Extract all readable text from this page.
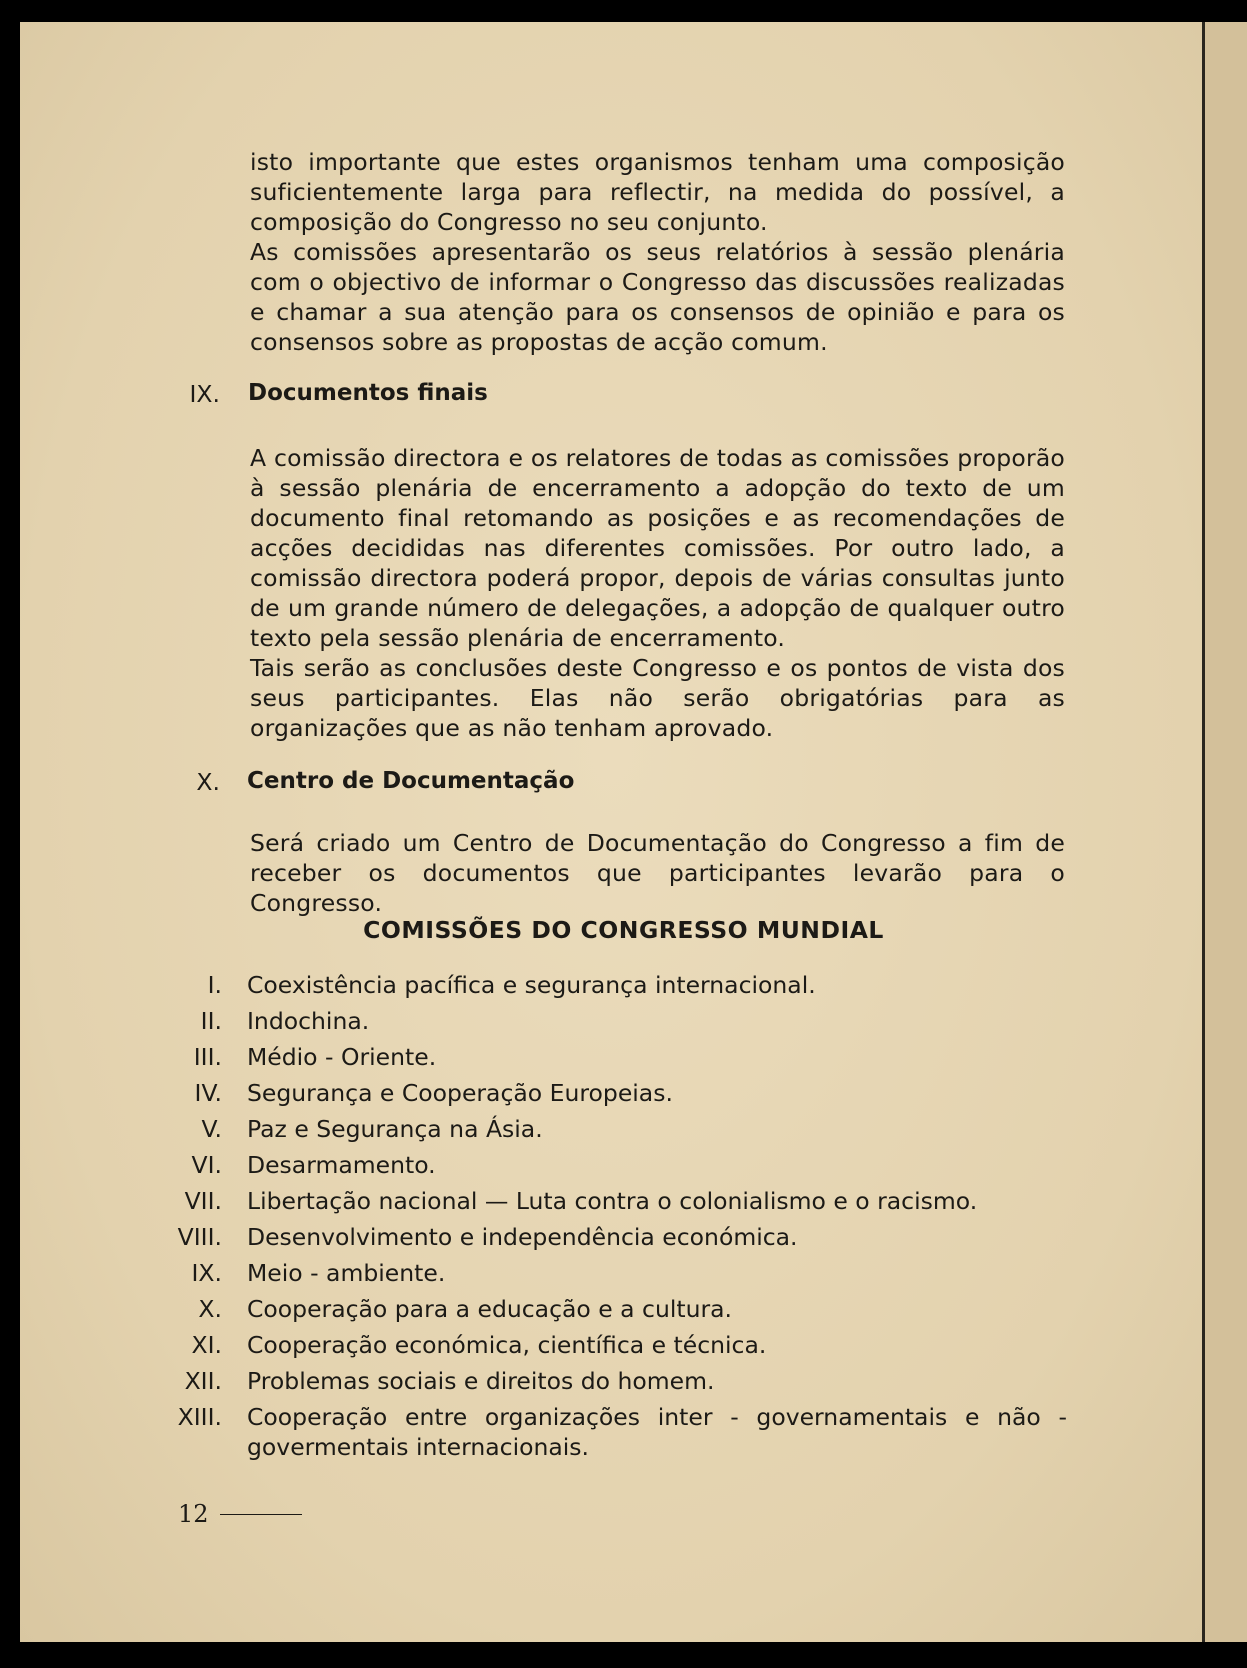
isto importante que estes organismos tenham uma composição suficientemente larga para reflectir, na medida do possível, a composição do Congresso no seu conjunto.

As comissões apresentarão os seus relatórios à sessão plenária com o objectivo de informar o Congresso das discussões realizadas e chamar a sua atenção para os consensos de opinião e para os consensos sobre as propostas de acção comum.

IX. Documentos finais

A comissão directora e os relatores de todas as comissões proporão à sessão plenária de encerramento a adopção do texto de um documento final retomando as posições e as recomendações de acções decididas nas diferentes comissões. Por outro lado, a comissão directora poderá propor, depois de várias consultas junto de um grande número de delegações, a adopção de qualquer outro texto pela sessão plenária de encerramento.

Tais serão as conclusões deste Congresso e os pontos de vista dos seus participantes. Elas não serão obrigatórias para as organizações que as não tenham aprovado.

X. Centro de Documentação

Será criado um Centro de Documentação do Congresso a fim de receber os documentos que participantes levarão para o Congresso.

COMISSÕES DO CONGRESSO MUNDIAL
I. Coexistência pacífica e segurança internacional.
II. Indochina.
III. Médio - Oriente.
IV. Segurança e Cooperação Europeias.
V. Paz e Segurança na Ásia.
VI. Desarmamento.
VII. Libertação nacional — Luta contra o colonialismo e o racismo.
VIII. Desenvolvimento e independência económica.
IX. Meio - ambiente.
X. Cooperação para a educação e a cultura.
XI. Cooperação económica, científica e técnica.
XII. Problemas sociais e direitos do homem.
XIII. Cooperação entre organizações inter - governamentais e não - govermentais internacionais.
12
